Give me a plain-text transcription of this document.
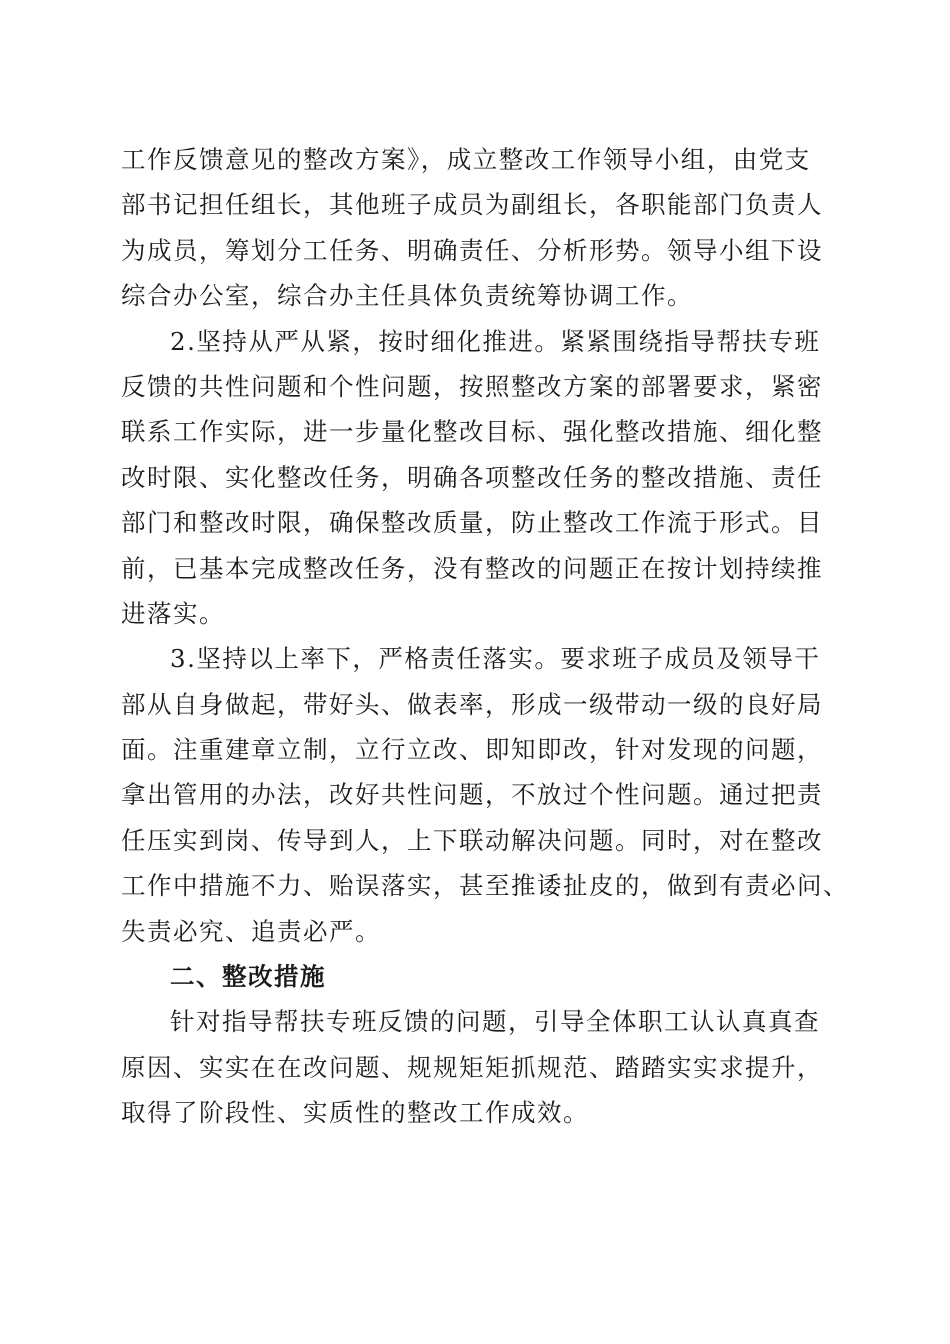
工作反馈意见的整改方案》，成立整改工作领导小组，由党支
部书记担任组长，其他班子成员为副组长，各职能部门负责人
为成员，筹划分工任务、明确责任、分析形势。领导小组下设
综合办公室，综合办主任具体负责统筹协调工作。
2.坚持从严从紧，按时细化推进。紧紧围绕指导帮扶专班
反馈的共性问题和个性问题，按照整改方案的部署要求，紧密
联系工作实际，进一步量化整改目标、强化整改措施、细化整
改时限、实化整改任务，明确各项整改任务的整改措施、责任
部门和整改时限，确保整改质量，防止整改工作流于形式。目
前，已基本完成整改任务，没有整改的问题正在按计划持续推
进落实。
3.坚持以上率下，严格责任落实。要求班子成员及领导干
部从自身做起，带好头、做表率，形成一级带动一级的良好局
面。注重建章立制，立行立改、即知即改，针对发现的问题，
拿出管用的办法，改好共性问题，不放过个性问题。通过把责
任压实到岗、传导到人，上下联动解决问题。同时，对在整改
工作中措施不力、贻误落实，甚至推诿扯皮的，做到有责必问、
失责必究、追责必严。
二、整改措施
针对指导帮扶专班反馈的问题，引导全体职工认认真真查
原因、实实在在改问题、规规矩矩抓规范、踏踏实实求提升，
取得了阶段性、实质性的整改工作成效。
